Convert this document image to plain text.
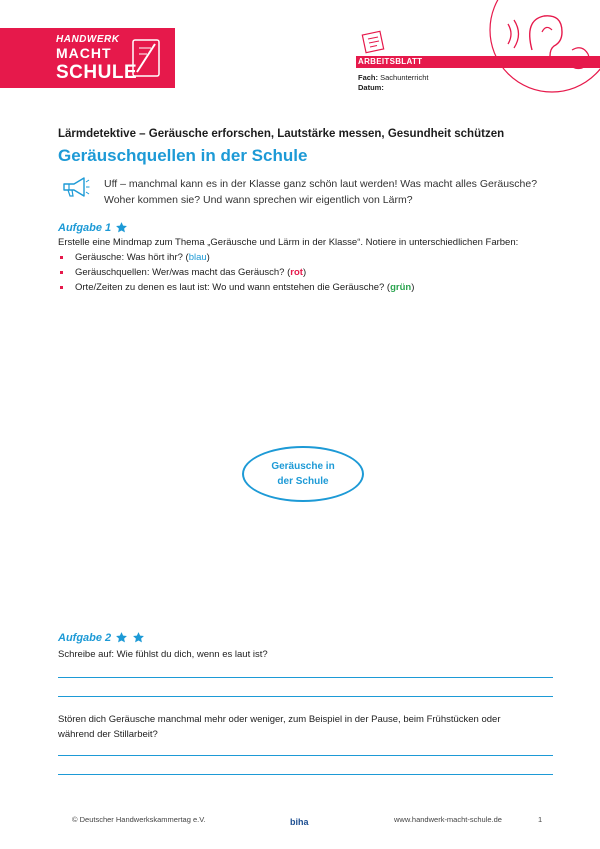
HANDWERK
MACHT
SCHULE
ARBEITSBLATT
Fach: Sachunterricht
Datum:
Lärmdetektive – Geräusche erforschen, Lautstärke messen, Gesundheit schützen
Geräuschquellen in der Schule
Uff – manchmal kann es in der Klasse ganz schön laut werden! Was macht alles Geräusche? Woher kommen sie? Und wann sprechen wir eigentlich von Lärm?
Aufgabe 1
Erstelle eine Mindmap zum Thema „Geräusche und Lärm in der Klasse“. Notiere in unterschiedlichen Farben:
Geräusche: Was hört ihr? (blau)
Geräuschquellen: Wer/was macht das Geräusch? (rot)
Orte/Zeiten zu denen es laut ist: Wo und wann entstehen die Geräusche? (grün)
Geräusche in der Schule
Aufgabe 2
Schreibe auf: Wie fühlst du dich, wenn es laut ist?
Stören dich Geräusche manchmal mehr oder weniger, zum Beispiel in der Pause, beim Frühstücken oder während der Stillarbeit?
© Deutscher Handwerkskammertag e.V.	biha	www.handwerk-macht-schule.de	1
